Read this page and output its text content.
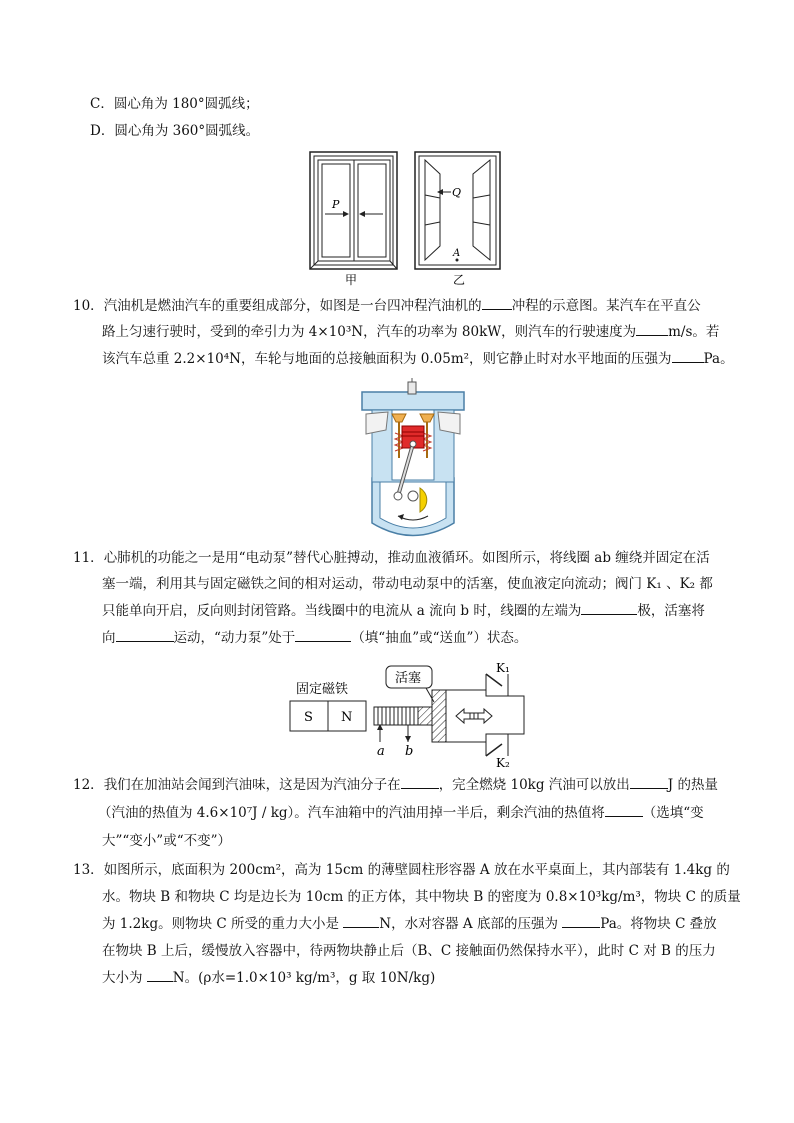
C．圆心角为 180°圆弧线；
D．圆心角为 360°圆弧线。
P
甲
Q
A
乙
10．汽油机是燃油汽车的重要组成部分，如图是一台四冲程汽油机的 冲程的示意图。某汽车在平直公
路上匀速行驶时，受到的牵引力为 4×10³N，汽车的功率为 80kW，则汽车的行驶速度为 m/s。若
该汽车总重 2.2×10⁴N，车轮与地面的总接触面积为 0.05m²，则它静止时对水平地面的压强为 Pa。
11．心肺机的功能之一是用“电动泵”替代心脏搏动，推动血液循环。如图所示，将线圈 ab 缠绕并固定在活
塞一端，利用其与固定磁铁之间的相对运动，带动电动泵中的活塞，使血液定向流动；阀门 K₁ 、K₂ 都
只能单向开启，反向则封闭管路。当线圈中的电流从 a 流向 b 时，线圈的左端为	极，活塞将
向	运动，“动力泵”处于	（填“抽血”或“送血”）状态。
固定磁铁
S N
a b
活塞
K₁
K₂
12．我们在加油站会闻到汽油味，这是因为汽油分子在	，完全燃烧 10kg 汽油可以放出	J 的热量
（汽油的热值为 4.6×10⁷J / kg）。汽车油箱中的汽油用掉一半后，剩余汽油的热值将	（选填“变
大”“变小”或“不变”）
13．如图所示，底面积为 200cm²，高为 15cm 的薄壁圆柱形容器 A 放在水平桌面上，其内部装有 1.4kg 的
水。物块 B 和物块 C 均是边长为 10cm 的正方体，其中物块 B 的密度为 0.8×10³kg/m³，物块 C 的质量
为 1.2kg。则物块 C 所受的重力大小是	N，水对容器 A 底部的压强为	Pa。将物块 C 叠放
在物块 B 上后，缓慢放入容器中，待两物块静止后（B、C 接触面仍然保持水平），此时 C 对 B 的压力
大小为 N。(ρ水=1.0×10³ kg/m³，g 取 10N/kg)
